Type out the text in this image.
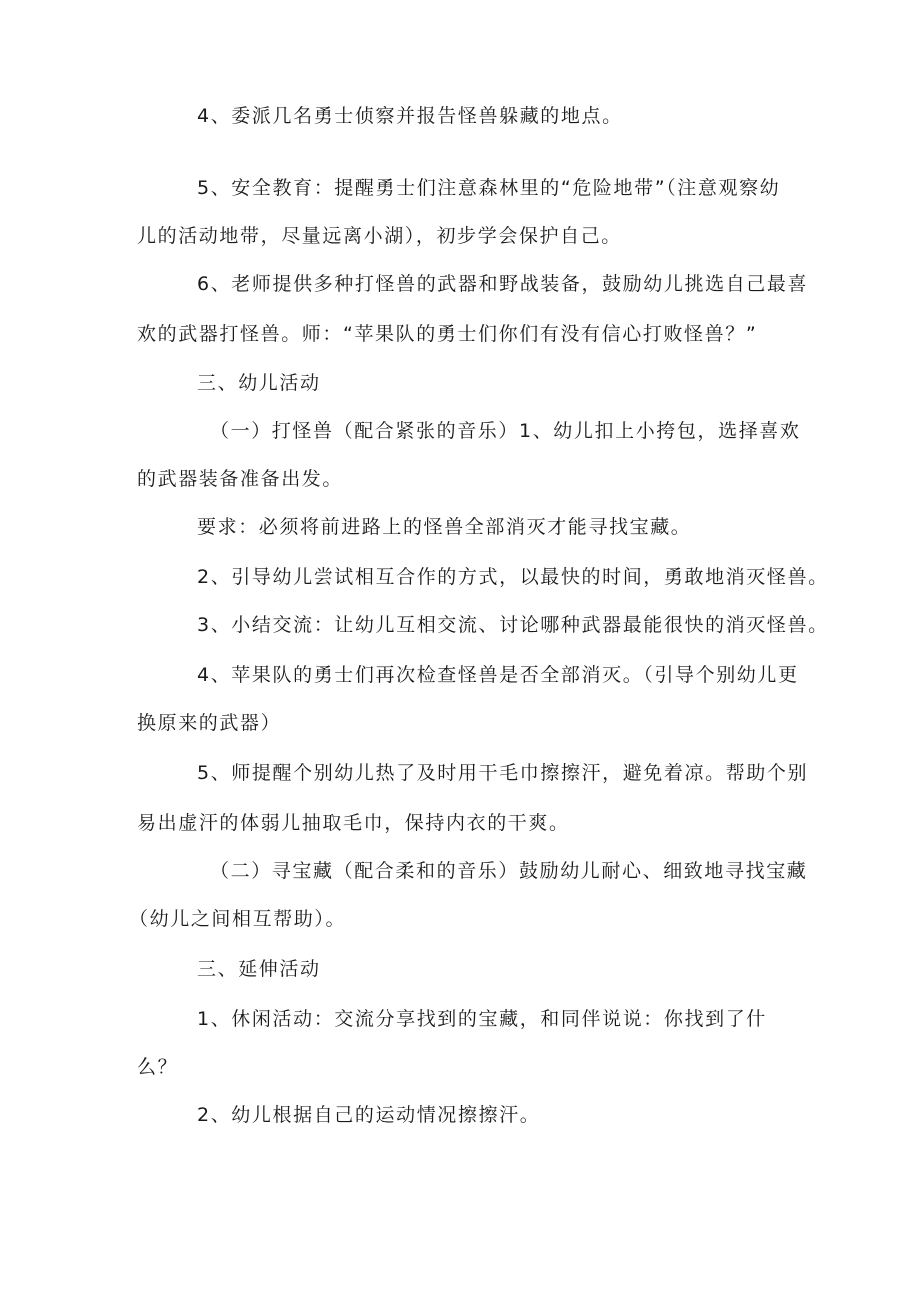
4、委派几名勇士侦察并报告怪兽躲藏的地点。
5、安全教育：提醒勇士们注意森林里的“危险地带”（注意观察幼
儿的活动地带，尽量远离小湖），初步学会保护自己。
6、老师提供多种打怪兽的武器和野战装备，鼓励幼儿挑选自己最喜
欢的武器打怪兽。师：“苹果队的勇士们你们有没有信心打败怪兽？”
三、幼儿活动
（一）打怪兽（配合紧张的音乐）1、幼儿扣上小挎包，选择喜欢
的武器装备准备出发。
要求：必须将前进路上的怪兽全部消灭才能寻找宝藏。
2、引导幼儿尝试相互合作的方式，以最快的时间，勇敢地消灭怪兽。
3、小结交流：让幼儿互相交流、讨论哪种武器最能很快的消灭怪兽。
4、苹果队的勇士们再次检查怪兽是否全部消灭。（引导个别幼儿更
换原来的武器）
5、师提醒个别幼儿热了及时用干毛巾擦擦汗，避免着凉。帮助个别
易出虚汗的体弱儿抽取毛巾，保持内衣的干爽。
（二）寻宝藏（配合柔和的音乐）鼓励幼儿耐心、细致地寻找宝藏
（幼儿之间相互帮助）。
三、延伸活动
1、休闲活动：交流分享找到的宝藏，和同伴说说：你找到了什
么？
2、幼儿根据自己的运动情况擦擦汗。
